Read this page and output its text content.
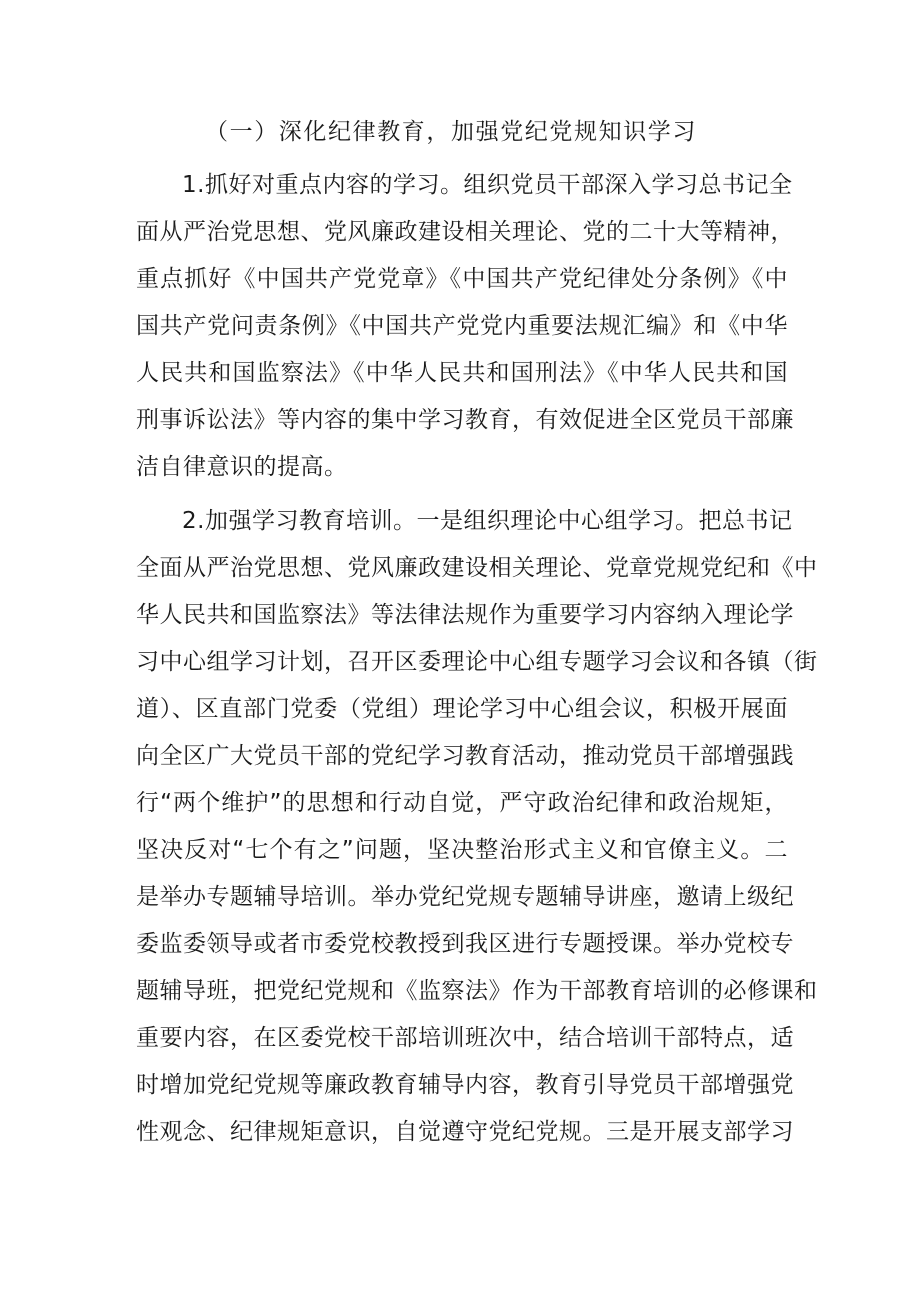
（一）深化纪律教育，加强党纪党规知识学习
1.抓好对重点内容的学习。组织党员干部深入学习总书记全
面从严治党思想、党风廉政建设相关理论、党的二十大等精神，
重点抓好《中国共产党党章》《中国共产党纪律处分条例》《中
国共产党问责条例》《中国共产党党内重要法规汇编》和《中华
人民共和国监察法》《中华人民共和国刑法》《中华人民共和国
刑事诉讼法》等内容的集中学习教育，有效促进全区党员干部廉
洁自律意识的提高。
2.加强学习教育培训。一是组织理论中心组学习。把总书记
全面从严治党思想、党风廉政建设相关理论、党章党规党纪和《中
华人民共和国监察法》等法律法规作为重要学习内容纳入理论学
习中心组学习计划，召开区委理论中心组专题学习会议和各镇（街
道）、区直部门党委（党组）理论学习中心组会议，积极开展面
向全区广大党员干部的党纪学习教育活动，推动党员干部增强践
行“两个维护”的思想和行动自觉，严守政治纪律和政治规矩，
坚决反对“七个有之”问题，坚决整治形式主义和官僚主义。二
是举办专题辅导培训。举办党纪党规专题辅导讲座，邀请上级纪
委监委领导或者市委党校教授到我区进行专题授课。举办党校专
题辅导班，把党纪党规和《监察法》作为干部教育培训的必修课和
重要内容，在区委党校干部培训班次中，结合培训干部特点，适
时增加党纪党规等廉政教育辅导内容，教育引导党员干部增强党
性观念、纪律规矩意识，自觉遵守党纪党规。三是开展支部学习
